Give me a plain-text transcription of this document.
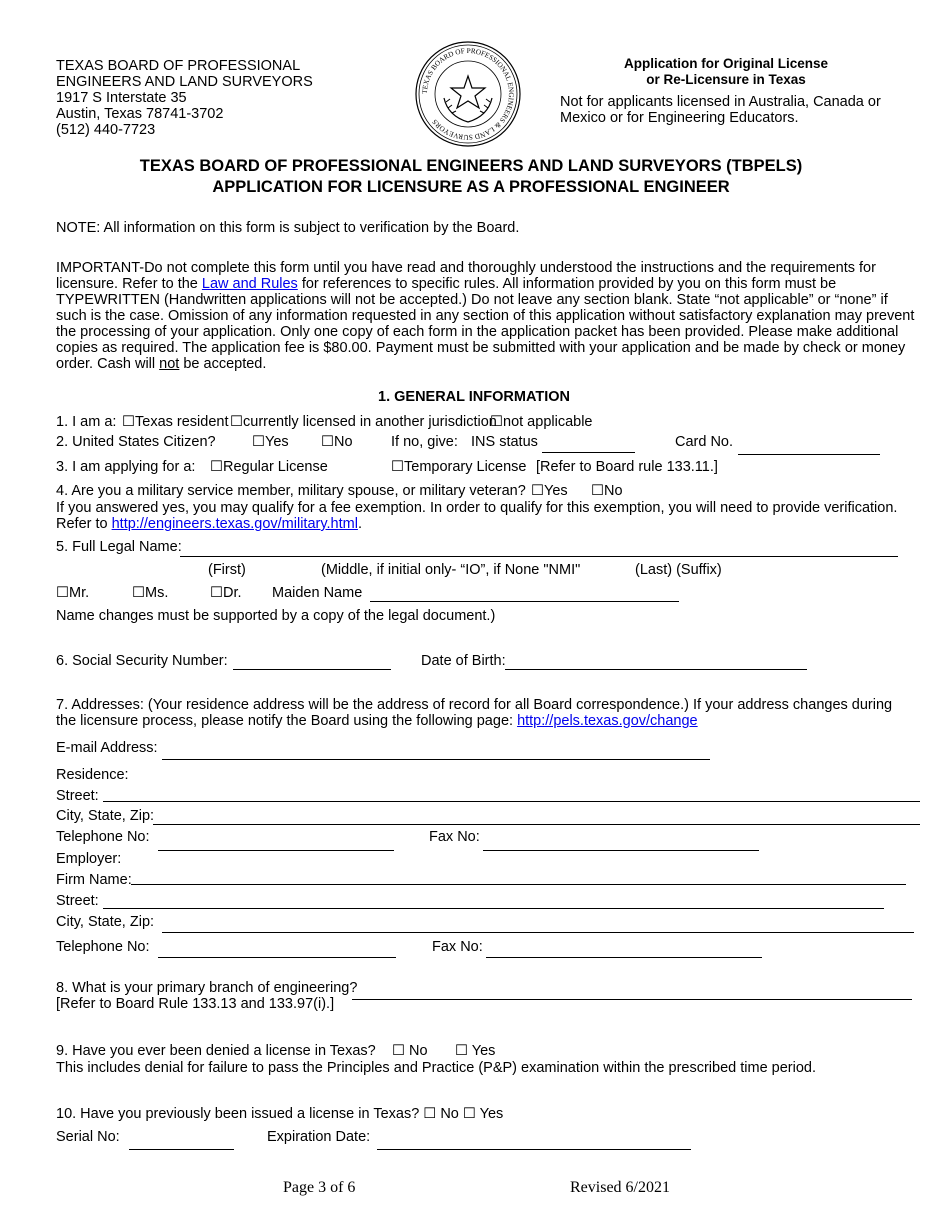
TEXAS BOARD OF PROFESSIONAL
ENGINEERS AND LAND SURVEYORS
1917 S Interstate 35
Austin, Texas 78741-3702
(512) 440-7723
TEXAS BOARD OF PROFESSIONAL ENGINEERS & LAND SURVEYORS
Application for Original License
or Re-Licensure in Texas
Not for applicants licensed in Australia, Canada or
Mexico or for Engineering Educators.
TEXAS BOARD OF PROFESSIONAL ENGINEERS AND LAND SURVEYORS (TBPELS)
APPLICATION FOR LICENSURE AS A PROFESSIONAL ENGINEER
NOTE: All information on this form is subject to verification by the Board.
IMPORTANT-Do not complete this form until you have read and thoroughly understood the instructions and the requirements for
licensure. Refer to the Law and Rules for references to specific rules. All information provided by you on this form must be
TYPEWRITTEN (Handwritten applications will not be accepted.) Do not leave any section blank. State “not applicable” or “none” if
such is the case. Omission of any information requested in any section of this application without satisfactory explanation may prevent
the processing of your application. Only one copy of each form in the application packet has been provided. Please make additional
copies as required. The application fee is $80.00. Payment must be submitted with your application and be made by check or money
order. Cash will not be accepted.
1. GENERAL INFORMATION
1. I am a: ☐Texas resident ☐currently licensed in another jurisdiction
☐not applicable
2. United States Citizen?	☐Yes ☐No	If no, give: INS status	Card No.
3. I am applying for a: ☐Regular License	☐Temporary License [Refer to Board rule 133.11.]
4. Are you a military service member, military spouse, or military veteran? ☐Yes ☐No
If you answered yes, you may qualify for a fee exemption. In order to qualify for this exemption, you will need to provide verification.
Refer to http://engineers.texas.gov/military.html.
5. Full Legal Name:
(First)	(Middle, if initial only- “IO”, if None "NMI"	(Last) (Suffix)
☐Mr.	☐Ms.	☐Dr. Maiden Name
Name changes must be supported by a copy of the legal document.)
6. Social Security Number:	Date of Birth:
7. Addresses: (Your residence address will be the address of record for all Board correspondence.) If your address changes during
the licensure process, please notify the Board using the following page: http://pels.texas.gov/change
E-mail Address:
Residence:
Street:
City, State, Zip:
Telephone No:	Fax No:
Employer:
Firm Name:
Street:
City, State, Zip:
Telephone No:	Fax No:
8. What is your primary branch of engineering?
[Refer to Board Rule 133.13 and 133.97(i).]
9. Have you ever been denied a license in Texas? ☐ No ☐ Yes
This includes denial for failure to pass the Principles and Practice (P&P) examination within the prescribed time period.
10. Have you previously been issued a license in Texas? ☐ No ☐ Yes
Serial No:	Expiration Date:
Page 3 of 6	Revised 6/2021
